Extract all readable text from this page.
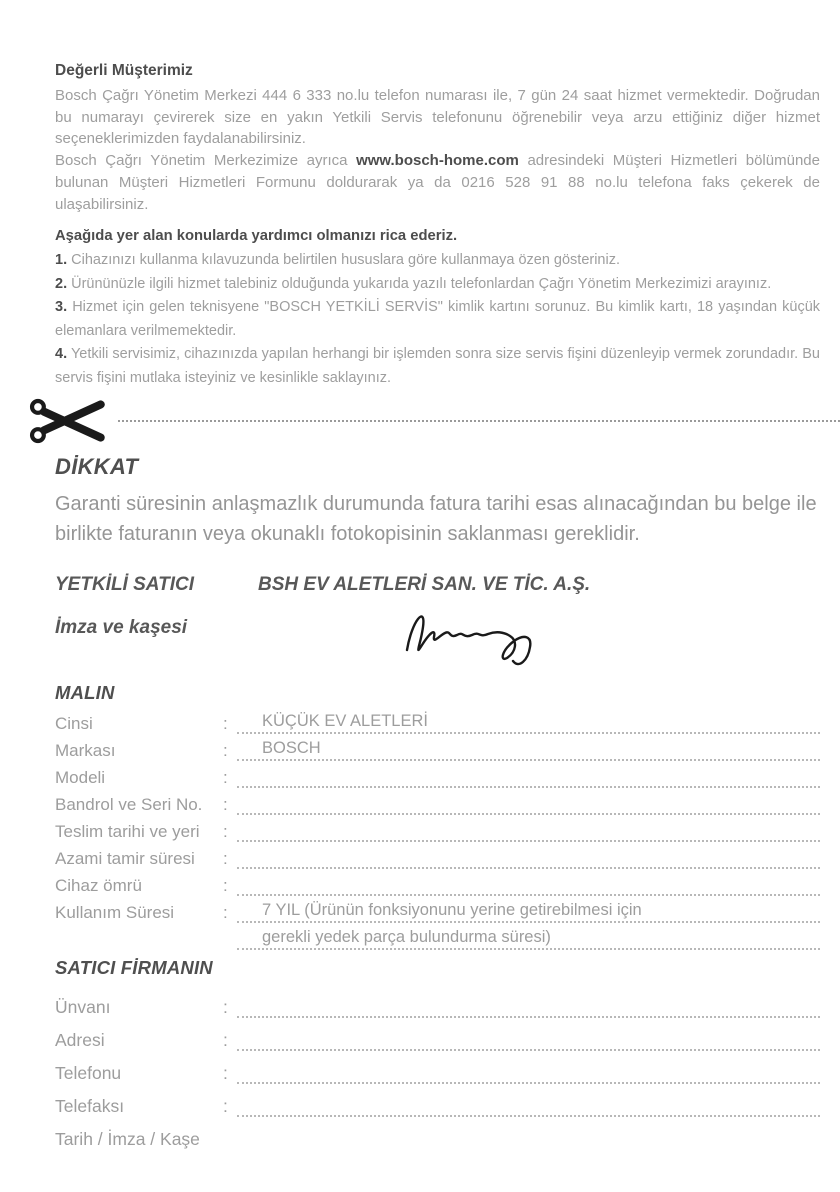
Değerli Müşterimiz

Bosch Çağrı Yönetim Merkezi 444 6 333 no.lu telefon numarası ile, 7 gün 24 saat hizmet vermektedir. Doğrudan bu numarayı çevirerek size en yakın Yetkili Servis telefonunu öğrenebilir veya arzu ettiğiniz diğer hizmet seçeneklerimizden faydalanabilirsiniz.

Bosch Çağrı Yönetim Merkezimize ayrıca www.bosch-home.com adresindeki Müşteri Hizmetleri bölümünde bulunan Müşteri Hizmetleri Formunu doldurarak ya da 0216 528 91 88 no.lu telefona faks çekerek de ulaşabilirsiniz.

Aşağıda yer alan konularda yardımcı olmanızı rica ederiz.

1. Cihazınızı kullanma kılavuzunda belirtilen hususlara göre kullanmaya özen gösteriniz.

2. Ürününüzle ilgili hizmet talebiniz olduğunda yukarıda yazılı telefonlardan Çağrı Yönetim Merkezimizi arayınız.

3. Hizmet için gelen teknisyene "BOSCH YETKİLİ SERVİS" kimlik kartını sorunuz. Bu kimlik kartı, 18 yaşından küçük elemanlara verilmemektedir.

4. Yetkili servisimiz, cihazınızda yapılan herhangi bir işlemden sonra size servis fişini düzenleyip vermek zorundadır. Bu servis fişini mutlaka isteyiniz ve kesinlikle saklayınız.

DİKKAT

Garanti süresinin anlaşmazlık durumunda fatura tarihi esas alınacağından bu belge ile birlikte faturanın veya okunaklı fotokopisinin saklanması gereklidir.

YETKİLİ SATICI	BSH EV ALETLERİ SAN. VE TİC. A.Ş.
İmza ve kaşesi
MALIN
Cinsi	:	KÜÇÜK EV ALETLERİ
Markası	:	BOSCH
Modeli	:
Bandrol ve Seri No.	:
Teslim tarihi ve yeri	:
Azami tamir süresi	:
Cihaz ömrü	:
Kullanım Süresi	:	7 YIL (Ürünün fonksiyonunu yerine getirebilmesi için
gerekli yedek parça bulundurma süresi)
SATICI FİRMANIN
Ünvanı	:
Adresi	:
Telefonu	:
Telefaksı	:
Tarih / İmza / Kaşe
